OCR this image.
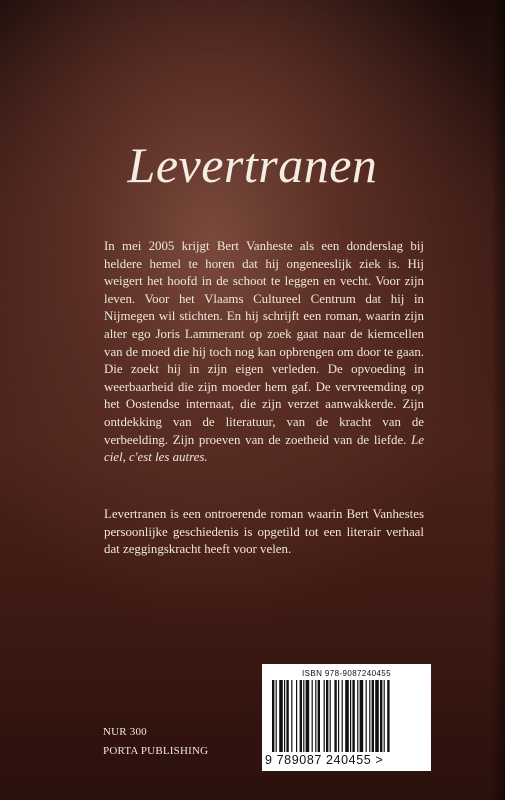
Levertranen
In mei 2005 krijgt Bert Vanheste als een donderslag bij heldere hemel te horen dat hij ongeneeslijk ziek is. Hij weigert het hoofd in de schoot te leggen en vecht. Voor zijn leven. Voor het Vlaams Cultureel Centrum dat hij in Nijmegen wil stichten. En hij schrijft een roman, waarin zijn alter ego Joris Lammerant op zoek gaat naar de kiemcellen van de moed die hij toch nog kan opbrengen om door te gaan. Die zoekt hij in zijn eigen verleden. De opvoeding in weerbaarheid die zijn moeder hem gaf. De vervreemding op het Oostendse internaat, die zijn verzet aanwakkerde. Zijn ontdekking van de literatuur, van de kracht van de verbeelding. Zijn proeven van de zoetheid van de liefde. Le ciel, c'est les autres.
Levertranen is een ontroerende roman waarin Bert Vanhestes persoonlijke geschiedenis is opgetild tot een literair verhaal dat zeggingskracht heeft voor velen.
ISBN 978-9087240455
9 789087 240455 >
NUR 300
PORTA PUBLISHING
